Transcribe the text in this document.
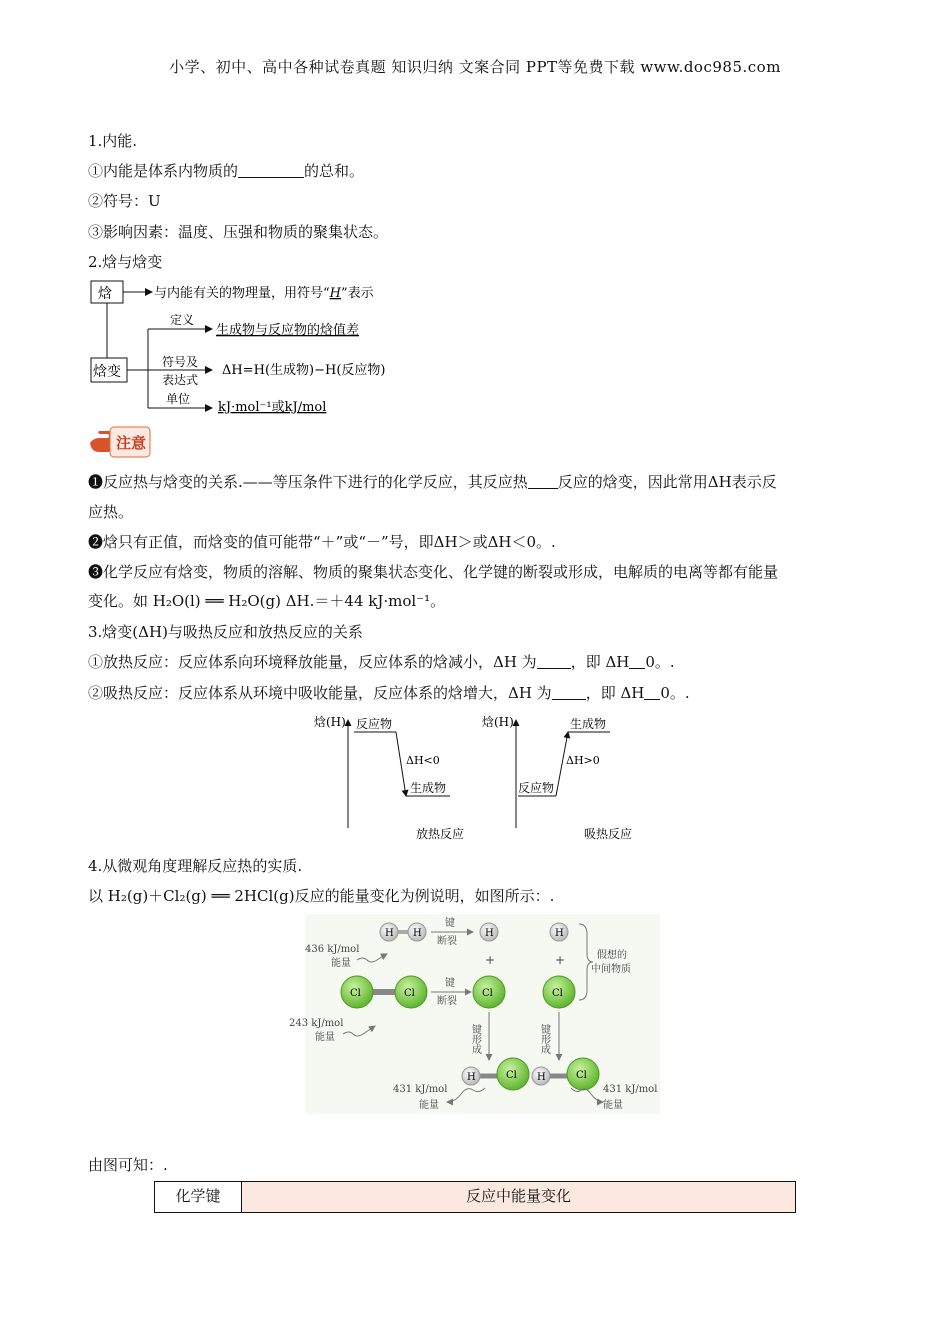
小学、初中、高中各种试卷真题 知识归纳 文案合同 PPT等免费下载 www.doc985.com
1.内能.
①内能是体系内物质的	的总和。
②符号：U
③影响因素：温度、压强和物质的聚集状态。
2.焓与焓变
焓	与内能有关的物理量，用符号“H”表示
焓变
定义
生成物与反应物的焓值差
符号及
表达式
ΔH=H(生成物)−H(反应物)
单位
kJ·mol⁻¹或kJ/mol
注意
❶反应热与焓变的关系.——等压条件下进行的化学反应，其反应热 反应的焓变，因此常用ΔH表示反
应热。
❷焓只有正值，而焓变的值可能带“＋”或“－”号，即ΔH＞或ΔH＜0。.
❸化学反应有焓变，物质的溶解、物质的聚集状态变化、化学键的断裂或形成，电解质的电离等都有能量
变化。如 H₂O(l) ══ H₂O(g) ΔH.＝＋44 kJ·mol⁻¹。
3.焓变(ΔH)与吸热反应和放热反应的关系
①放热反应：反应体系向环境释放能量，反应体系的焓减小，ΔH 为 ，即 ΔH 0。.
②吸热反应：反应体系从环境中吸收能量，反应体系的焓增大，ΔH 为 ，即 ΔH 0。.
焓(H) 反应物
ΔH<0
生成物
放热反应
焓(H)
反应物
生成物
ΔH>0
吸热反应
4.从微观角度理解反应热的实质.
以 H₂(g)＋Cl₂(g) ══ 2HCl(g)反应的能量变化为例说明，如图所示：.
H H
436 kJ/mol
能量
键
断裂
H	H
+	+
Cl	Cl
243 kJ/mol
能量
键
断裂
Cl	Cl
假想的
中间物质
键形成	键形成
H	Cl H	Cl
431 kJ/mol
能量
431 kJ/mol
能量
由图可知：.
化学键	反应中能量变化
